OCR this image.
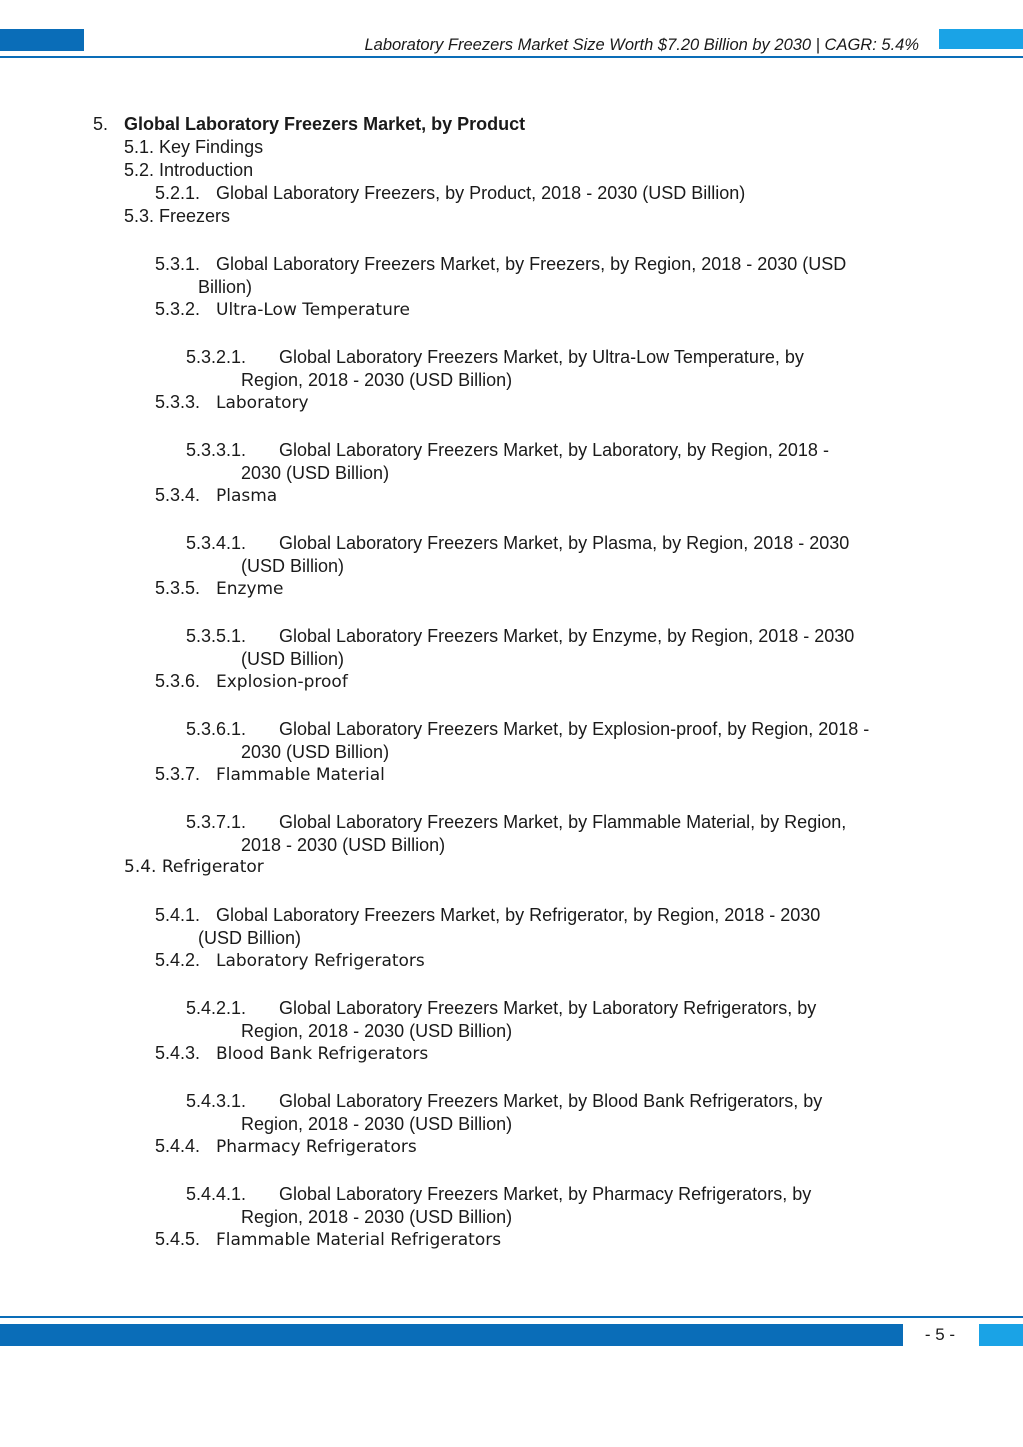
Laboratory Freezers Market Size Worth $7.20 Billion by 2030 | CAGR: 5.4%
5. Global Laboratory Freezers Market, by Product
5.1. Key Findings
5.2. Introduction
5.2.1. Global Laboratory Freezers, by Product, 2018 - 2030 (USD Billion)
5.3. Freezers
5.3.1. Global Laboratory Freezers Market, by Freezers, by Region, 2018 - 2030 (USD
Billion)
5.3.2. Ultra-Low Temperature
5.3.2.1. Global Laboratory Freezers Market, by Ultra-Low Temperature, by
Region, 2018 - 2030 (USD Billion)
5.3.3. Laboratory
5.3.3.1. Global Laboratory Freezers Market, by Laboratory, by Region, 2018 -
2030 (USD Billion)
5.3.4. Plasma
5.3.4.1. Global Laboratory Freezers Market, by Plasma, by Region, 2018 - 2030
(USD Billion)
5.3.5. Enzyme
5.3.5.1. Global Laboratory Freezers Market, by Enzyme, by Region, 2018 - 2030
(USD Billion)
5.3.6. Explosion-proof
5.3.6.1. Global Laboratory Freezers Market, by Explosion-proof, by Region, 2018 -
2030 (USD Billion)
5.3.7. Flammable Material
5.3.7.1. Global Laboratory Freezers Market, by Flammable Material, by Region,
2018 - 2030 (USD Billion)
5.4. Refrigerator
5.4.1. Global Laboratory Freezers Market, by Refrigerator, by Region, 2018 - 2030
(USD Billion)
5.4.2. Laboratory Refrigerators
5.4.2.1. Global Laboratory Freezers Market, by Laboratory Refrigerators, by
Region, 2018 - 2030 (USD Billion)
5.4.3. Blood Bank Refrigerators
5.4.3.1. Global Laboratory Freezers Market, by Blood Bank Refrigerators, by
Region, 2018 - 2030 (USD Billion)
5.4.4. Pharmacy Refrigerators
5.4.4.1. Global Laboratory Freezers Market, by Pharmacy Refrigerators, by
Region, 2018 - 2030 (USD Billion)
5.4.5. Flammable Material Refrigerators
- 5 -
